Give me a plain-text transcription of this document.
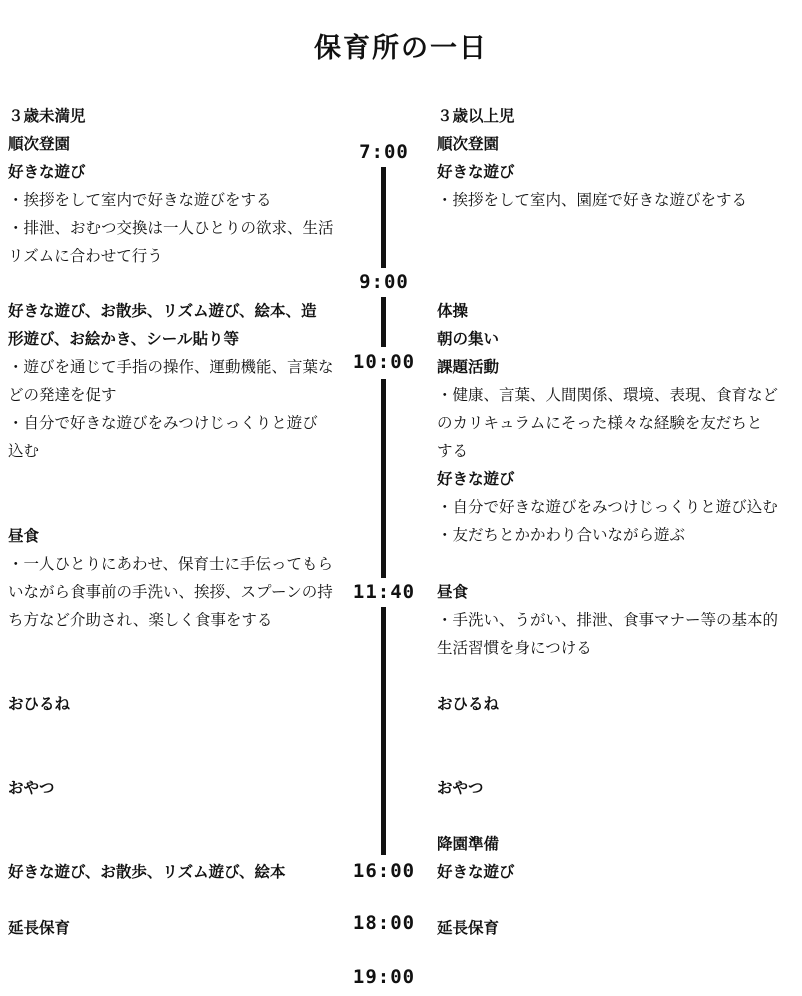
保育所の一日
３歳未満児
順次登園
好きな遊び
・挨拶をして室内で好きな遊びをする
・排泄、おむつ交換は一人ひとりの欲求、生活
リズムに合わせて行う
好きな遊び、お散歩、リズム遊び、絵本、造
形遊び、お絵かき、シール貼り等
・遊びを通じて手指の操作、運動機能、言葉な
どの発達を促す
・自分で好きな遊びをみつけじっくりと遊び
込む
昼食
・一人ひとりにあわせ、保育士に手伝ってもら
いながら食事前の手洗い、挨拶、スプーンの持
ち方など介助され、楽しく食事をする
おひるね
おやつ
好きな遊び、お散歩、リズム遊び、絵本
延長保育
３歳以上児
順次登園
好きな遊び
・挨拶をして室内、園庭で好きな遊びをする
体操
朝の集い
課題活動
・健康、言葉、人間関係、環境、表現、食育など
のカリキュラムにそった様々な経験を友だちと
する
好きな遊び
・自分で好きな遊びをみつけじっくりと遊び込む
・友だちとかかわり合いながら遊ぶ
昼食
・手洗い、うがい、排泄、食事マナー等の基本的
生活習慣を身につける
おひるね
おやつ
降園準備
好きな遊び
延長保育
7:00
9:00
10:00
11:40
16:00
18:00
19:00
